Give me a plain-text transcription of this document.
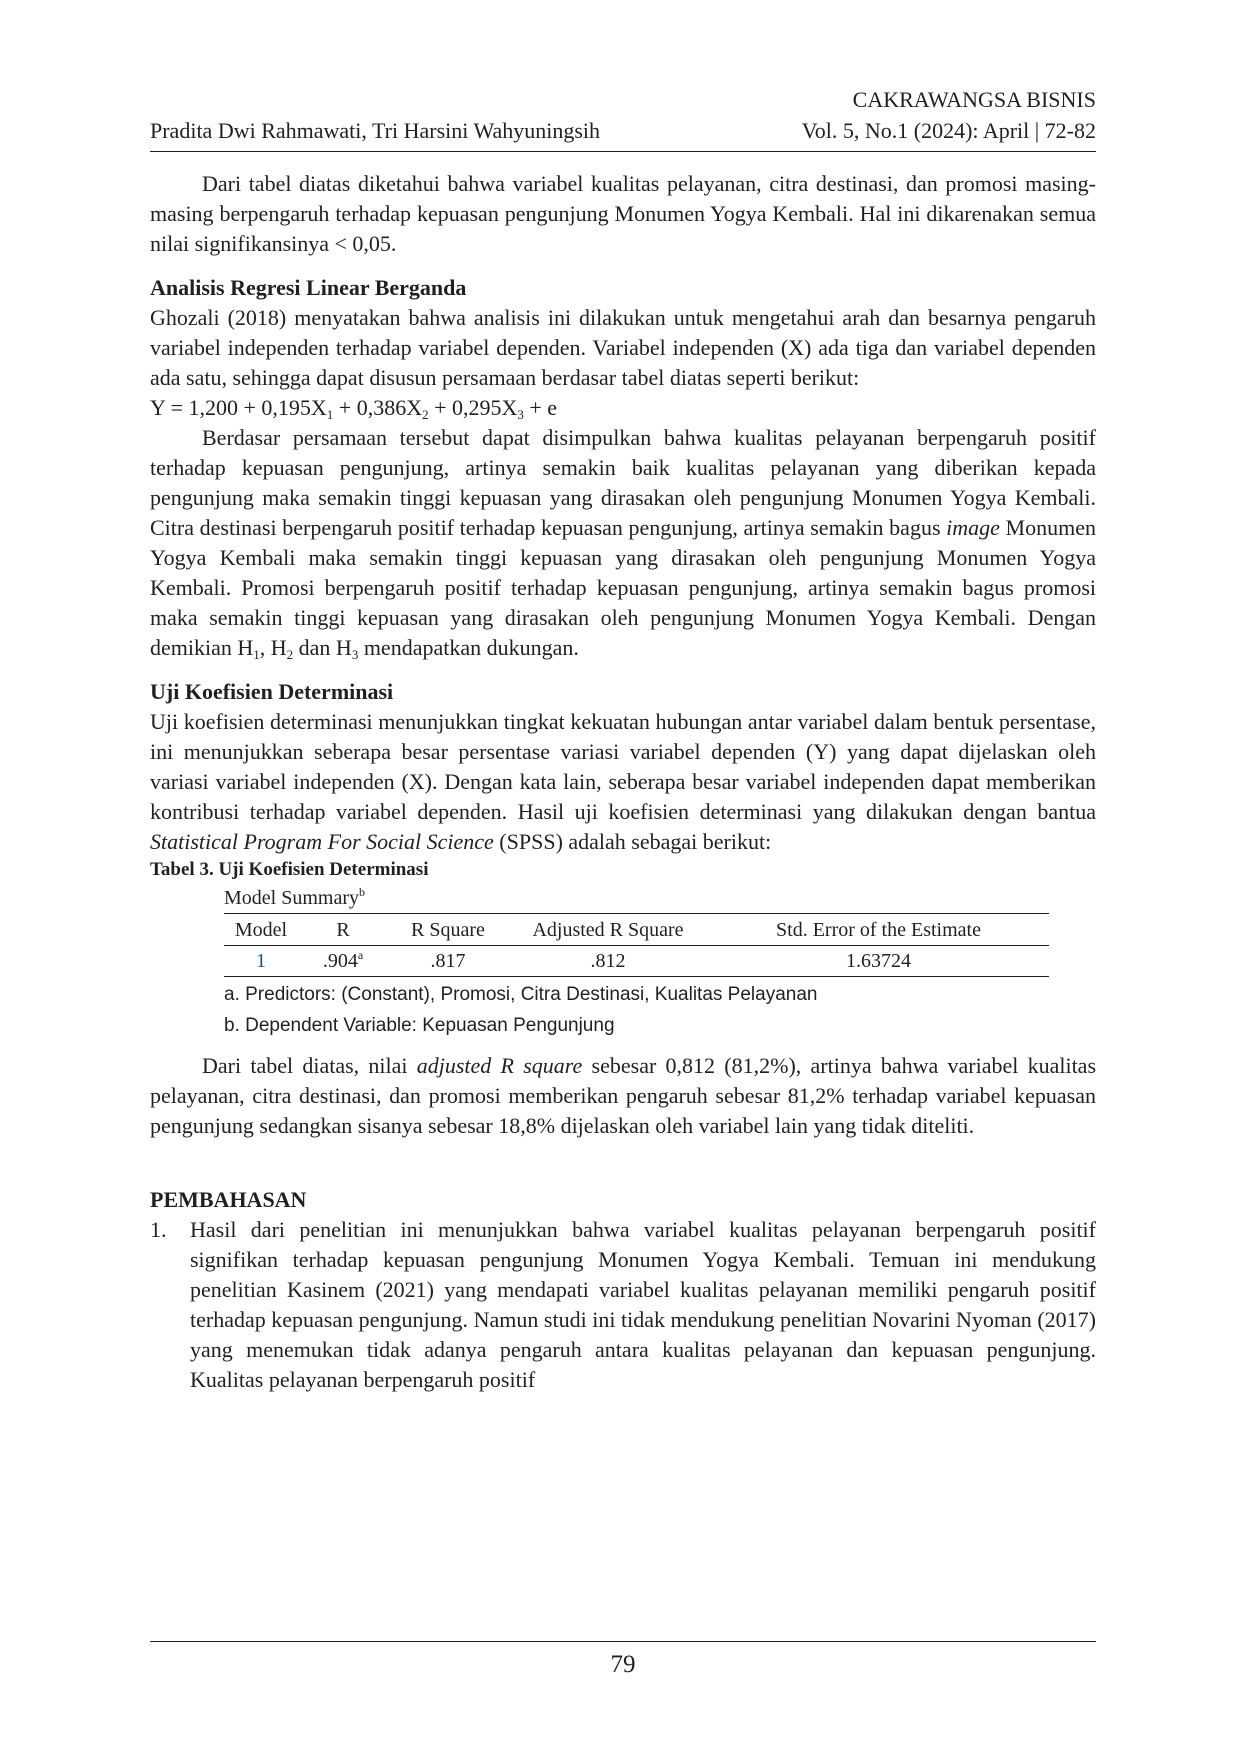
CAKRAWANGSA BISNIS
Pradita Dwi Rahmawati, Tri Harsini Wahyuningsih	Vol. 5, No.1 (2024): April | 72-82

Dari tabel diatas diketahui bahwa variabel kualitas pelayanan, citra destinasi, dan promosi masing-masing berpengaruh terhadap kepuasan pengunjung Monumen Yogya Kembali. Hal ini dikarenakan semua nilai signifikansinya < 0,05.

Analisis Regresi Linear Berganda

Ghozali (2018) menyatakan bahwa analisis ini dilakukan untuk mengetahui arah dan besarnya pengaruh variabel independen terhadap variabel dependen. Variabel independen (X) ada tiga dan variabel dependen ada satu, sehingga dapat disusun persamaan berdasar tabel diatas seperti berikut:

$Y = 1,200 + 0,195X_1 + 0,386X_2 + 0,295X_3 + e$

Berdasar persamaan tersebut dapat disimpulkan bahwa kualitas pelayanan berpengaruh positif terhadap kepuasan pengunjung, artinya semakin baik kualitas pelayanan yang diberikan kepada pengunjung maka semakin tinggi kepuasan yang dirasakan oleh pengunjung Monumen Yogya Kembali. Citra destinasi berpengaruh positif terhadap kepuasan pengunjung, artinya semakin bagus image Monumen Yogya Kembali maka semakin tinggi kepuasan yang dirasakan oleh pengunjung Monumen Yogya Kembali. Promosi berpengaruh positif terhadap kepuasan pengunjung, artinya semakin bagus promosi maka semakin tinggi kepuasan yang dirasakan oleh pengunjung Monumen Yogya Kembali. Dengan demikian $H_1$, $H_2$ dan $H_3$ mendapatkan dukungan.

Uji Koefisien Determinasi

Uji koefisien determinasi menunjukkan tingkat kekuatan hubungan antar variabel dalam bentuk persentase, ini menunjukkan seberapa besar persentase variasi variabel dependen (Y) yang dapat dijelaskan oleh variasi variabel independen (X). Dengan kata lain, seberapa besar variabel independen dapat memberikan kontribusi terhadap variabel dependen. Hasil uji koefisien determinasi yang dilakukan dengan bantua Statistical Program For Social Science (SPSS) adalah sebagai berikut:

Tabel 3. Uji Koefisien Determinasi

Model Summary$^b$
Model	R	R Square	Adjusted R Square	Std. Error of the Estimate
1	.904$^a$	.817	.812	1.63724
a. Predictors: (Constant), Promosi, Citra Destinasi, Kualitas Pelayanan
b. Dependent Variable: Kepuasan Pengunjung

Dari tabel diatas, nilai adjusted R square sebesar 0,812 (81,2%), artinya bahwa variabel kualitas pelayanan, citra destinasi, dan promosi memberikan pengaruh sebesar 81,2% terhadap variabel kepuasan pengunjung sedangkan sisanya sebesar 18,8% dijelaskan oleh variabel lain yang tidak diteliti.

PEMBAHASAN

1.	Hasil dari penelitian ini menunjukkan bahwa variabel kualitas pelayanan berpengaruh positif signifikan terhadap kepuasan pengunjung Monumen Yogya Kembali. Temuan ini mendukung penelitian Kasinem (2021) yang mendapati variabel kualitas pelayanan memiliki pengaruh positif terhadap kepuasan pengunjung. Namun studi ini tidak mendukung penelitian Novarini Nyoman (2017) yang menemukan tidak adanya pengaruh antara kualitas pelayanan dan kepuasan pengunjung. Kualitas pelayanan berpengaruh positif
79
